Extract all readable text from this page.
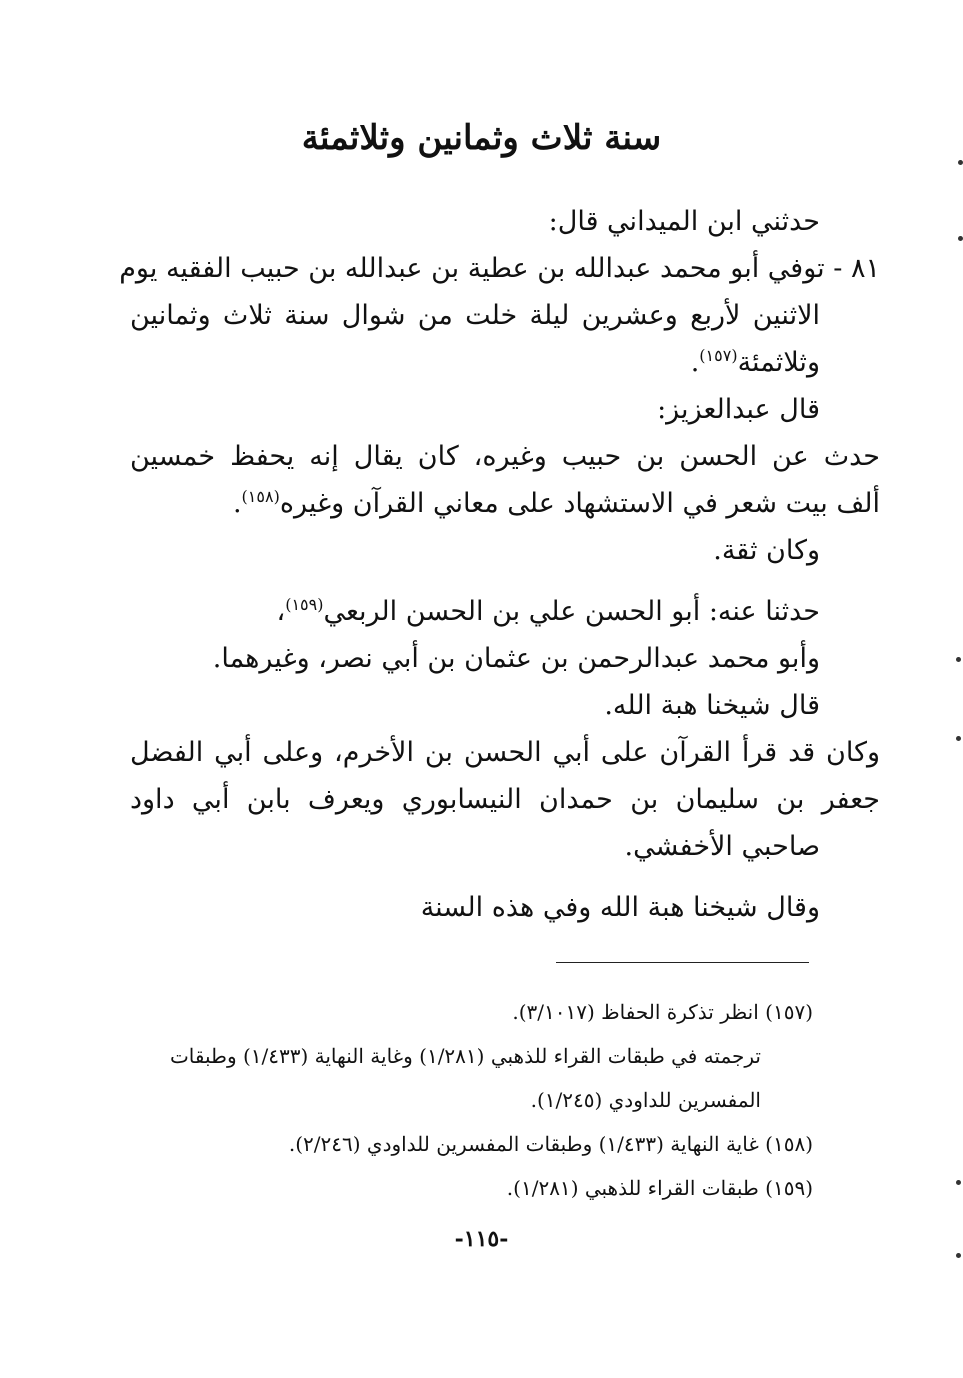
سنة ثلاث وثمانين وثلاثمئة
حدثني ابن الميداني قال:
٨١ - توفي أبو محمد عبدالله بن عطية بن عبدالله بن حبيب الفقيه يوم
الاثنين لأربع وعشرين ليلة خلت من شوال سنة ثلاث وثمانين
وثلاثمئة$^{(١٥٧)}$.
قال عبدالعزيز:
حدث عن الحسن بن حبيب وغيره، كان يقال إنه يحفظ خمسين
ألف بيت شعر في الاستشهاد على معاني القرآن وغيره$^{(١٥٨)}$.
وكان ثقة.
حدثنا عنه: أبو الحسن علي بن الحسن الربعي$^{(١٥٩)}$،
وأبو محمد عبدالرحمن بن عثمان بن أبي نصر، وغيرهما.
قال شيخنا هبة الله.
وكان قد قرأ القرآن على أبي الحسن بن الأخرم، وعلى أبي الفضل
جعفر بن سليمان بن حمدان النيسابوري ويعرف بابن أبي داود
صاحبي الأخفشي.
وقال شيخنا هبة الله وفي هذه السنة
(١٥٧) انظر تذكرة الحفاظ (٣/١٠١٧).
ترجمته في طبقات القراء للذهبي (١/٢٨١) وغاية النهاية (١/٤٣٣) وطبقات
المفسرين للداودي (١/٢٤٥).
(١٥٨) غاية النهاية (١/٤٣٣) وطبقات المفسرين للداودي (٢/٢٤٦).
(١٥٩) طبقات القراء للذهبي (١/٢٨١).
-١١٥-
